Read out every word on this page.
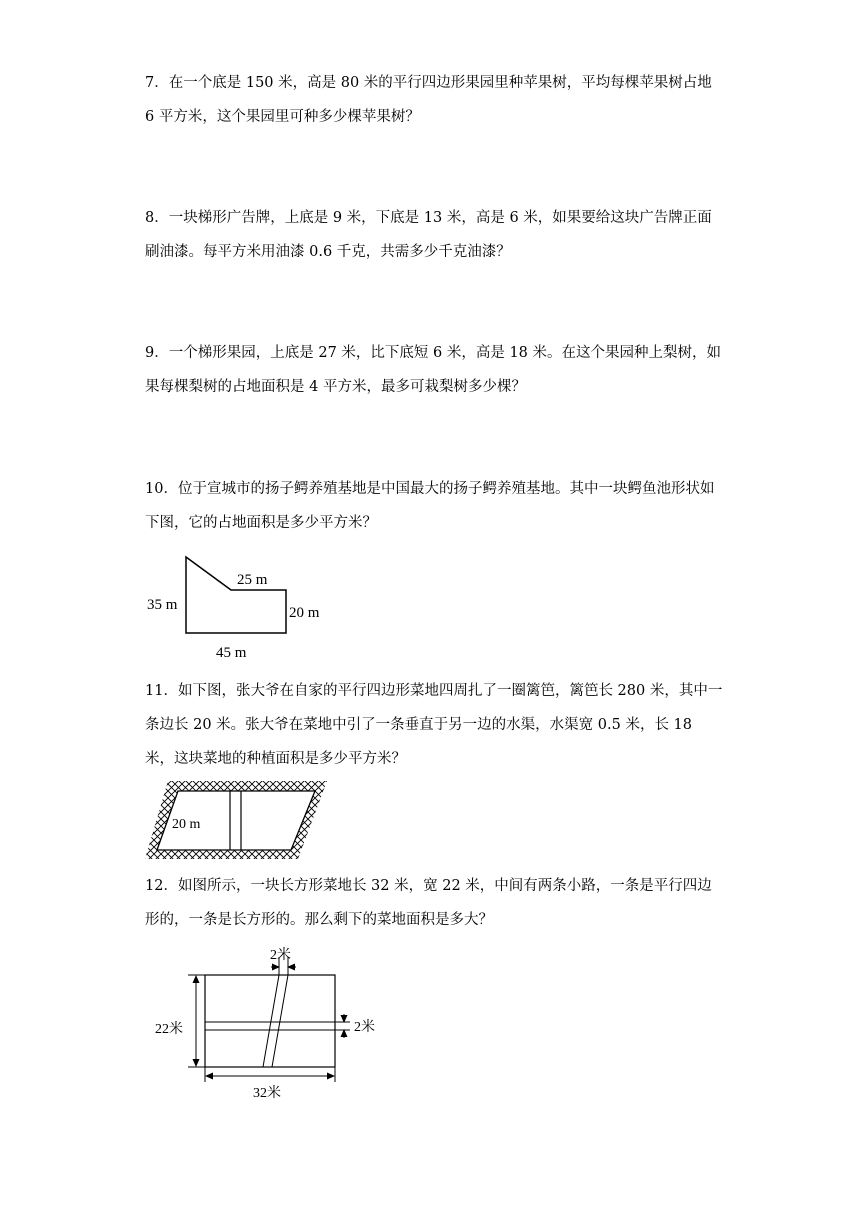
7．在一个底是 150 米，高是 80 米的平行四边形果园里种苹果树，平均每棵苹果树占地 6 平方米，这个果园里可种多少棵苹果树？

8．一块梯形广告牌，上底是 9 米，下底是 13 米，高是 6 米，如果要给这块广告牌正面刷油漆。每平方米用油漆 0.6 千克，共需多少千克油漆？

9．一个梯形果园，上底是 27 米，比下底短 6 米，高是 18 米。在这个果园种上梨树，如果每棵梨树的占地面积是 4 平方米，最多可栽梨树多少棵？

10．位于宣城市的扬子鳄养殖基地是中国最大的扬子鳄养殖基地。其中一块鳄鱼池形状如下图，它的占地面积是多少平方米？

11．如下图，张大爷在自家的平行四边形菜地四周扎了一圈篱笆，篱笆长 280 米，其中一条边长 20 米。张大爷在菜地中引了一条垂直于另一边的水渠，水渠宽 0.5 米，长 18 米，这块菜地的种植面积是多少平方米？

12．如图所示，一块长方形菜地长 32 米，宽 22 米，中间有两条小路，一条是平行四边形的，一条是长方形的。那么剩下的菜地面积是多大？

35 m
25 m
20 m
45 m
20 m
2米
2米
22米
32米
